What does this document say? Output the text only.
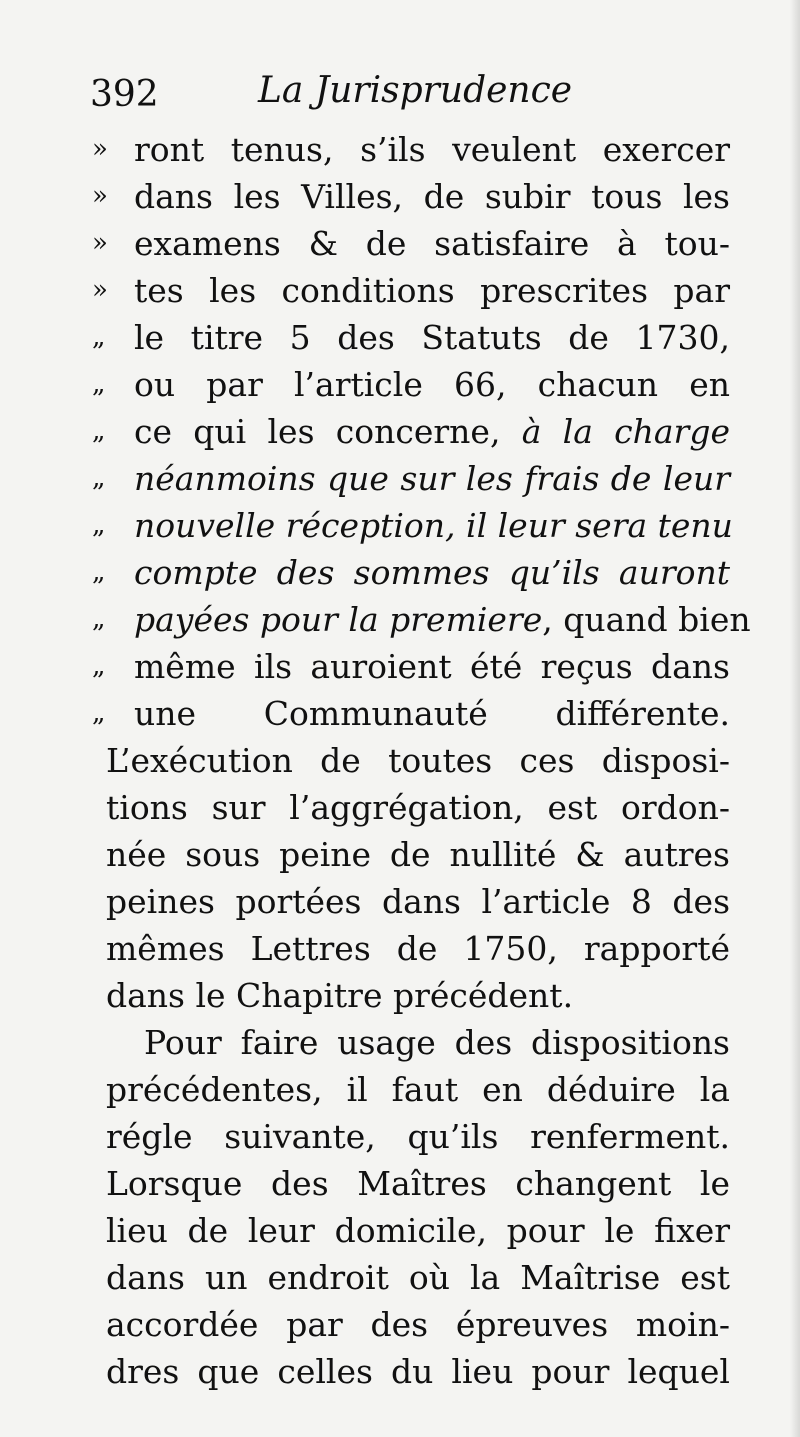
392	La Jurisprudence
» ront tenus, s’ils veulent exercer
» dans les Villes, de subir tous les
» examens & de satisfaire à tou-
» tes les conditions prescrites par
„ le titre 5 des Statuts de 1730,
„ ou par l’article 66, chacun en
„ ce qui les concerne, à la charge
„ néanmoins que sur les frais de leur
„ nouvelle réception, il leur sera tenu
„ compte des sommes qu’ils auront
„ payées pour la premiere, quand bien
„ même ils auroient été reçus dans
„ une Communauté différente.
L’exécution de toutes ces disposi-
tions sur l’aggrégation, est ordon-
née sous peine de nullité & autres
peines portées dans l’article 8 des
mêmes Lettres de 1750, rapporté
dans le Chapitre précédent.
Pour faire usage des dispositions
précédentes, il faut en déduire la
régle suivante, qu’ils renferment.
Lorsque des Maîtres changent le
lieu de leur domicile, pour le fixer
dans un endroit où la Maîtrise est
accordée par des épreuves moin-
dres que celles du lieu pour lequel
